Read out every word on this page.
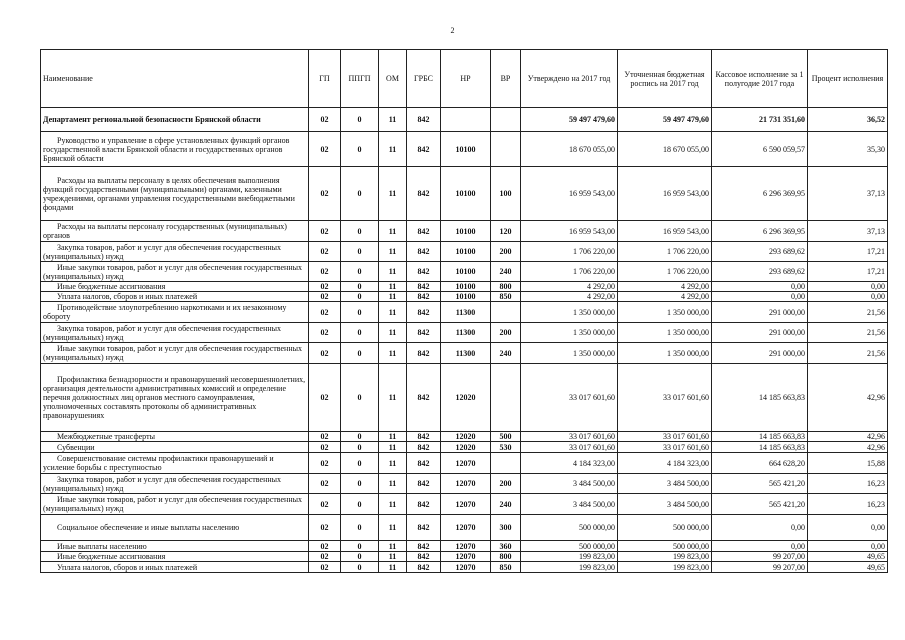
2
Наименование	ГП	ППГП	ОМ	ГРБС	НР	ВР	Утверждено на 2017 год	Уточненная бюджетная роспись на 2017 год	Кассовое исполнение за 1 полугодие 2017 года	Процент исполнения
Департамент региональной безопасности Брянской области	02	0	11	842			59 497 479,60	59 497 479,60	21 731 351,60	36,52
Руководство и управление в сфере установленных функций органов государственной власти Брянской области и государственных органов Брянской области	02	0	11	842	10100		18 670 055,00	18 670 055,00	6 590 059,57	35,30
Расходы на выплаты персоналу в целях обеспечения выполнения функций государственными (муниципальными) органами, казенными учреждениями, органами управления государственными внебюджетными фондами	02	0	11	842	10100	100	16 959 543,00	16 959 543,00	6 296 369,95	37,13
Расходы на выплаты персоналу государственных (муниципальных) органов	02	0	11	842	10100	120	16 959 543,00	16 959 543,00	6 296 369,95	37,13
Закупка товаров, работ и услуг для обеспечения государственных (муниципальных) нужд	02	0	11	842	10100	200	1 706 220,00	1 706 220,00	293 689,62	17,21
Иные закупки товаров, работ и услуг для обеспечения государственных (муниципальных) нужд	02	0	11	842	10100	240	1 706 220,00	1 706 220,00	293 689,62	17,21
Иные бюджетные ассигнования	02	0	11	842	10100	800	4 292,00	4 292,00	0,00	0,00
Уплата налогов, сборов и иных платежей	02	0	11	842	10100	850	4 292,00	4 292,00	0,00	0,00
Противодействие злоупотреблению наркотиками и их незаконному обороту	02	0	11	842	11300		1 350 000,00	1 350 000,00	291 000,00	21,56
Закупка товаров, работ и услуг для обеспечения государственных (муниципальных) нужд	02	0	11	842	11300	200	1 350 000,00	1 350 000,00	291 000,00	21,56
Иные закупки товаров, работ и услуг для обеспечения государственных (муниципальных) нужд	02	0	11	842	11300	240	1 350 000,00	1 350 000,00	291 000,00	21,56
Профилактика безнадзорности и правонарушений несовершеннолетних, организация деятельности административных комиссий и определение перечня должностных лиц органов местного самоуправления, уполномоченных составлять протоколы об административных правонарушениях	02	0	11	842	12020		33 017 601,60	33 017 601,60	14 185 663,83	42,96
Межбюджетные трансферты	02	0	11	842	12020	500	33 017 601,60	33 017 601,60	14 185 663,83	42,96
Субвенции	02	0	11	842	12020	530	33 017 601,60	33 017 601,60	14 185 663,83	42,96
Совершенствование системы профилактики правонарушений и усиление борьбы с преступностью	02	0	11	842	12070		4 184 323,00	4 184 323,00	664 628,20	15,88
Закупка товаров, работ и услуг для обеспечения государственных (муниципальных) нужд	02	0	11	842	12070	200	3 484 500,00	3 484 500,00	565 421,20	16,23
Иные закупки товаров, работ и услуг для обеспечения государственных (муниципальных) нужд	02	0	11	842	12070	240	3 484 500,00	3 484 500,00	565 421,20	16,23
Социальное обеспечение и иные выплаты населению	02	0	11	842	12070	300	500 000,00	500 000,00	0,00	0,00
Иные выплаты населению	02	0	11	842	12070	360	500 000,00	500 000,00	0,00	0,00
Иные бюджетные ассигнования	02	0	11	842	12070	800	199 823,00	199 823,00	99 207,00	49,65
Уплата налогов, сборов и иных платежей	02	0	11	842	12070	850	199 823,00	199 823,00	99 207,00	49,65
